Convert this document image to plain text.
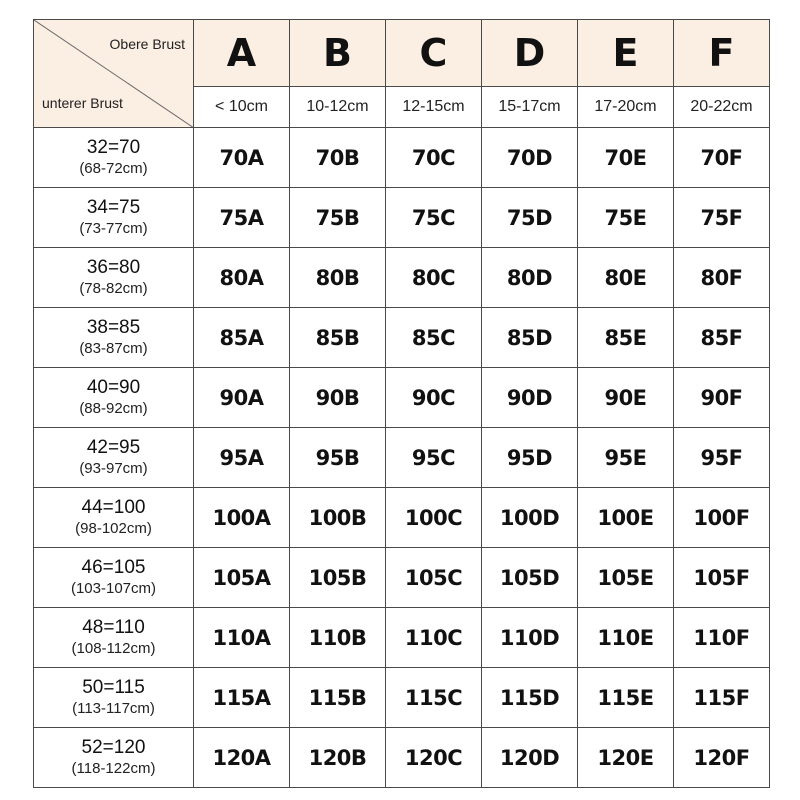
Obere Brust
unterer Brust	A	B	C	D	E	F
	< 10cm	10-12cm	12-15cm	15-17cm	17-20cm	20-22cm

32=70
(68-72cm)	70A	70B	70C	70D	70E	70F

34=75
(73-77cm)	75A	75B	75C	75D	75E	75F

36=80
(78-82cm)	80A	80B	80C	80D	80E	80F

38=85
(83-87cm)	85A	85B	85C	85D	85E	85F

40=90
(88-92cm)	90A	90B	90C	90D	90E	90F

42=95
(93-97cm)	95A	95B	95C	95D	95E	95F

44=100
(98-102cm)	100A	100B	100C	100D	100E	100F

46=105
(103-107cm)	105A	105B	105C	105D	105E	105F

48=110
(108-112cm)	110A	110B	110C	110D	110E	110F

50=115
(113-117cm)	115A	115B	115C	115D	115E	115F

52=120
(118-122cm)	120A	120B	120C	120D	120E	120F
